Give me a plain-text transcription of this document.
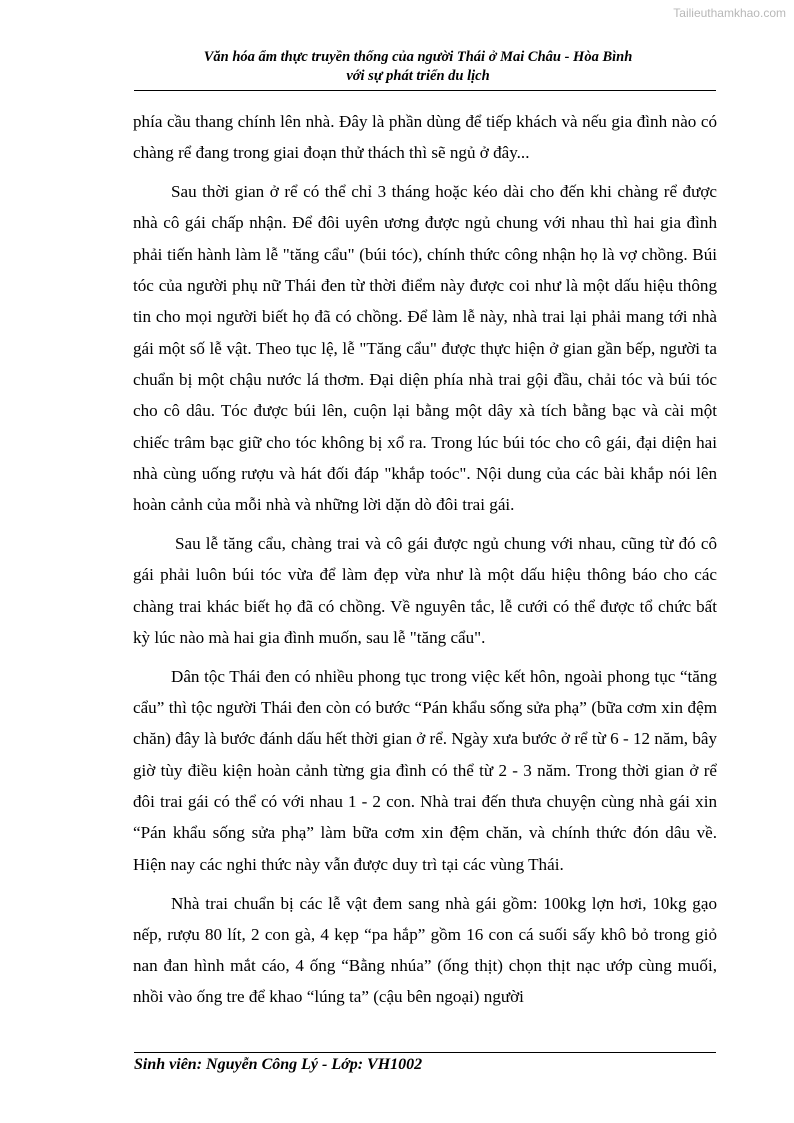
Tailieuthamkhao.com
Văn hóa ẩm thực truyền thống của người Thái ở Mai Châu - Hòa Bình
với sự phát triển du lịch

phía cầu thang chính lên nhà. Đây là phần dùng để tiếp khách và nếu gia đình nào có chàng rể đang trong giai đoạn thử thách thì sẽ ngủ ở đây...

Sau thời gian ở rể có thể chỉ 3 tháng hoặc kéo dài cho đến khi chàng rể được nhà cô gái chấp nhận. Để đôi uyên ương được ngủ chung với nhau thì hai gia đình phải tiến hành làm lễ "tăng cẩu" (búi tóc), chính thức công nhận họ là vợ chồng. Búi tóc của người phụ nữ Thái đen từ thời điểm này được coi như là một dấu hiệu thông tin cho mọi người biết họ đã có chồng. Để làm lễ này, nhà trai lại phải mang tới nhà gái một số lễ vật. Theo tục lệ, lễ "Tăng cẩu" được thực hiện ở gian gần bếp, người ta chuẩn bị một chậu nước lá thơm. Đại diện phía nhà trai gội đầu, chải tóc và búi tóc cho cô dâu. Tóc được búi lên, cuộn lại bằng một dây xà tích bằng bạc và cài một chiếc trâm bạc giữ cho tóc không bị xổ ra. Trong lúc búi tóc cho cô gái, đại diện hai nhà cùng uống rượu và hát đối đáp "khắp toóc". Nội dung của các bài khắp nói lên hoàn cảnh của mỗi nhà và những lời dặn dò đôi trai gái.

Sau lễ tăng cẩu, chàng trai và cô gái được ngủ chung với nhau, cũng từ đó cô gái phải luôn búi tóc vừa để làm đẹp vừa như là một dấu hiệu thông báo cho các chàng trai khác biết họ đã có chồng. Về nguyên tắc, lễ cưới có thể được tổ chức bất kỳ lúc nào mà hai gia đình muốn, sau lễ "tăng cẩu".

Dân tộc Thái đen có nhiều phong tục trong việc kết hôn, ngoài phong tục “tăng cẩu” thì tộc người Thái đen còn có bước “Pán khẩu sống sửa phạ” (bữa cơm xin đệm chăn) đây là bước đánh dấu hết thời gian ở rể. Ngày xưa bước ở rể từ 6 - 12 năm, bây giờ tùy điều kiện hoàn cảnh từng gia đình có thể từ 2 - 3 năm. Trong thời gian ở rể đôi trai gái có thể có với nhau 1 - 2 con. Nhà trai đến thưa chuyện cùng nhà gái xin “Pán khẩu sống sửa phạ” làm bữa cơm xin đệm chăn, và chính thức đón dâu về. Hiện nay các nghi thức này vẫn được duy trì tại các vùng Thái.

Nhà trai chuẩn bị các lễ vật đem sang nhà gái gồm: 100kg lợn hơi, 10kg gạo nếp, rượu 80 lít, 2 con gà, 4 kẹp “pa hắp” gồm 16 con cá suối sấy khô bỏ trong giỏ nan đan hình mắt cáo, 4 ống “Bằng nhúa” (ống thịt) chọn thịt nạc ướp cùng muối, nhồi vào ống tre để khao “lúng ta” (cậu bên ngoại) người

Sinh viên: Nguyễn Công Lý - Lớp: VH1002
